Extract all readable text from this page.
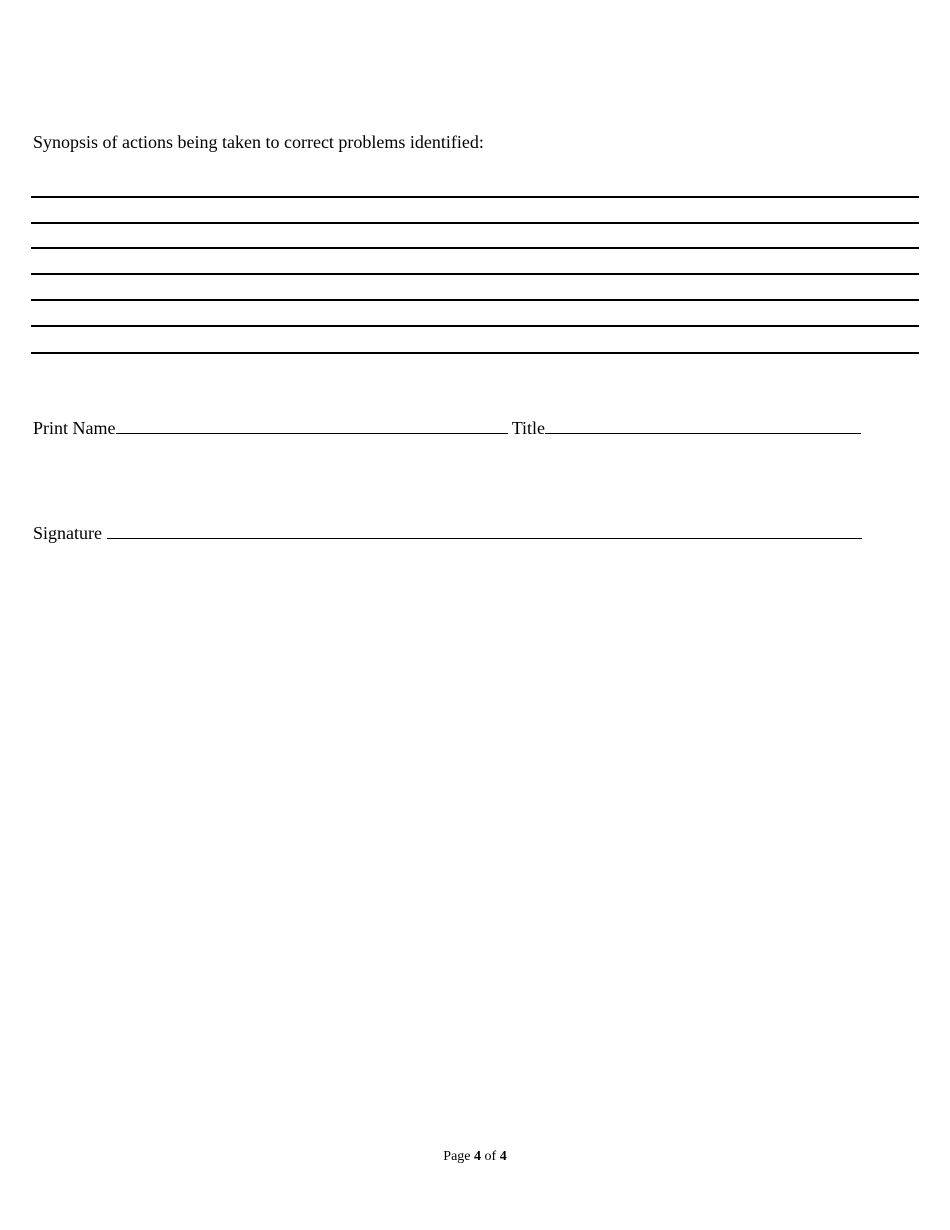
Synopsis of actions being taken to correct problems identified:
Print Name	Title
Signature
Page 4 of 4
